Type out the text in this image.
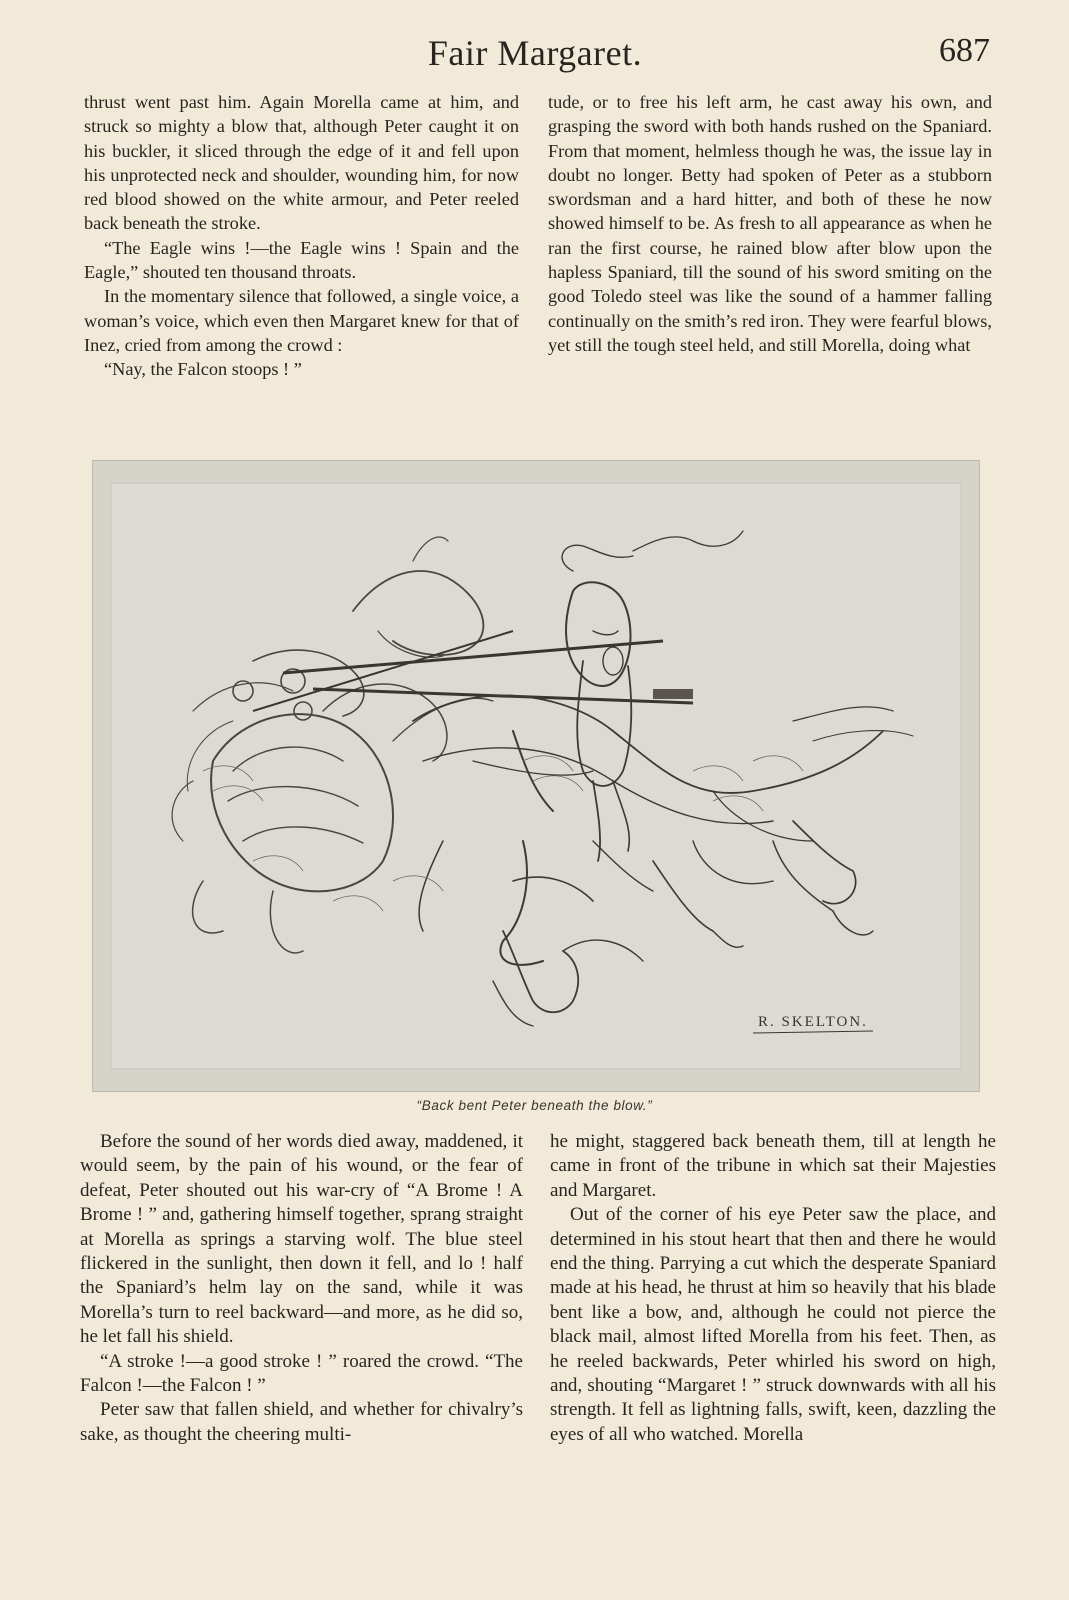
Fair Margaret.	687

thrust went past him. Again Morella came at him, and struck so mighty a blow that, although Peter caught it on his buckler, it sliced through the edge of it and fell upon his unprotected neck and shoulder, wounding him, for now red blood showed on the white armour, and Peter reeled back beneath the stroke.

“The Eagle wins !—the Eagle wins ! Spain and the Eagle,” shouted ten thousand throats.

In the momentary silence that followed, a single voice, a woman’s voice, which even then Margaret knew for that of Inez, cried from among the crowd :

“Nay, the Falcon stoops ! ”

tude, or to free his left arm, he cast away his own, and grasping the sword with both hands rushed on the Spaniard. From that moment, helmless though he was, the issue lay in doubt no longer. Betty had spoken of Peter as a stubborn swordsman and a hard hitter, and both of these he now showed himself to be. As fresh to all appearance as when he ran the first course, he rained blow after blow upon the hapless Spaniard, till the sound of his sword smiting on the good Toledo steel was like the sound of a hammer falling continually on the smith’s red iron. They were fearful blows, yet still the tough steel held, and still Morella, doing what

R. SKELTON.
“Back bent Peter beneath the blow.”

Before the sound of her words died away, maddened, it would seem, by the pain of his wound, or the fear of defeat, Peter shouted out his war-cry of “A Brome ! A Brome ! ” and, gathering himself together, sprang straight at Morella as springs a starving wolf. The blue steel flickered in the sunlight, then down it fell, and lo ! half the Spaniard’s helm lay on the sand, while it was Morella’s turn to reel backward—and more, as he did so, he let fall his shield.

“A stroke !—a good stroke ! ” roared the crowd. “The Falcon !—the Falcon ! ”

Peter saw that fallen shield, and whether for chivalry’s sake, as thought the cheering multi-

he might, staggered back beneath them, till at length he came in front of the tribune in which sat their Majesties and Margaret.

Out of the corner of his eye Peter saw the place, and determined in his stout heart that then and there he would end the thing. Parrying a cut which the desperate Spaniard made at his head, he thrust at him so heavily that his blade bent like a bow, and, although he could not pierce the black mail, almost lifted Morella from his feet. Then, as he reeled backwards, Peter whirled his sword on high, and, shouting “Margaret ! ” struck downwards with all his strength. It fell as lightning falls, swift, keen, dazzling the eyes of all who watched. Morella
